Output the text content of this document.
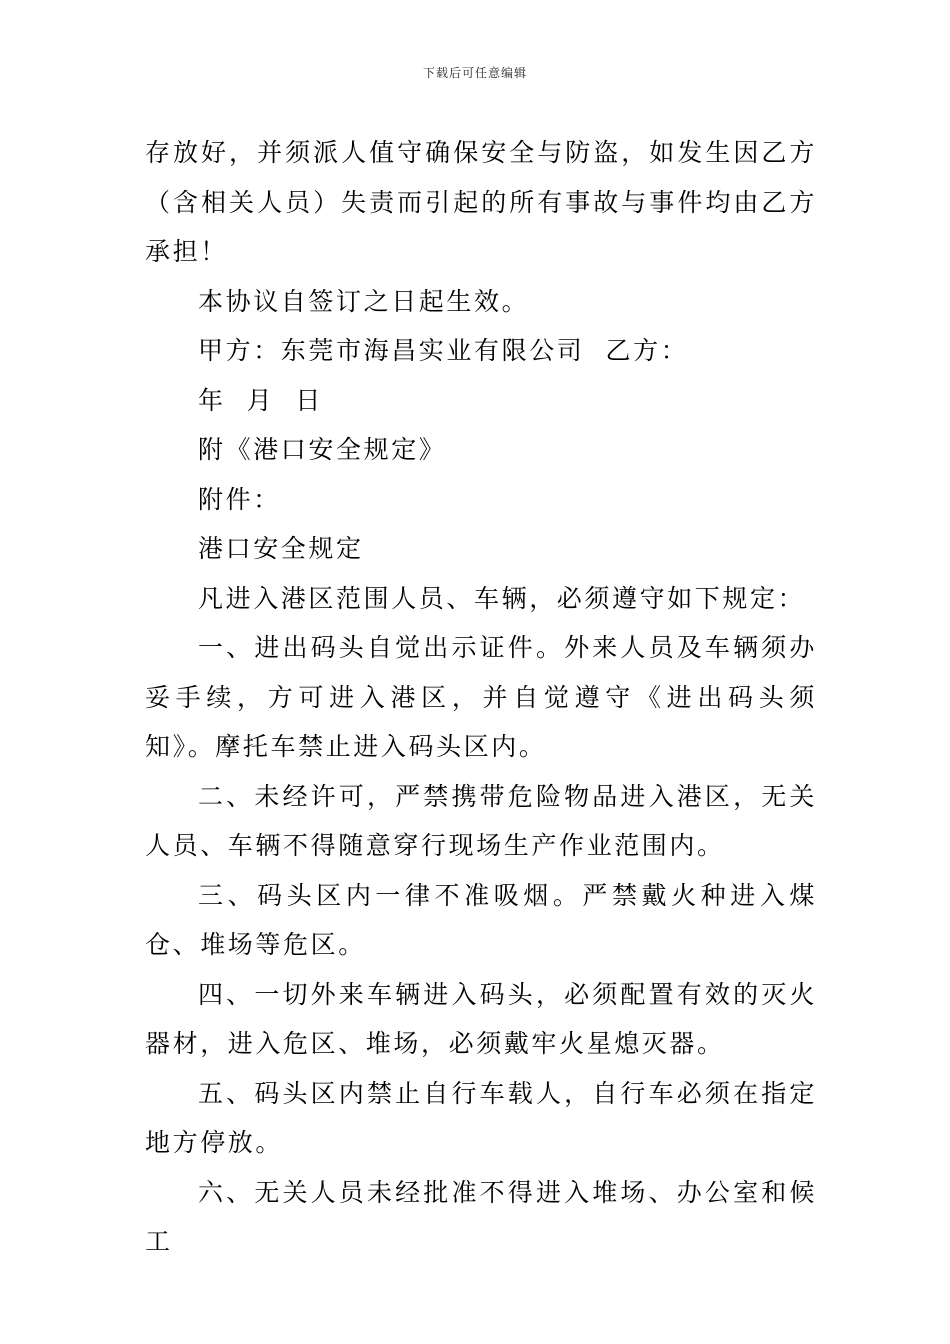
下载后可任意编辑

存放好，并须派人值守确保安全与防盗，如发生因乙方（含相关人员）失责而引起的所有事故与事件均由乙方承担！

本协议自签订之日起生效。

甲方：东莞市海昌实业有限公司  乙方：

年  月  日

附《港口安全规定》

附件：

港口安全规定

凡进入港区范围人员、车辆，必须遵守如下规定：

一、进出码头自觉出示证件。外来人员及车辆须办妥手续，方可进入港区，并自觉遵守《进出码头须知》。摩托车禁止进入码头区内。

二、未经许可，严禁携带危险物品进入港区，无关人员、车辆不得随意穿行现场生产作业范围内。

三、码头区内一律不准吸烟。严禁戴火种进入煤仓、堆场等危区。

四、一切外来车辆进入码头，必须配置有效的灭火器材，进入危区、堆场，必须戴牢火星熄灭器。

五、码头区内禁止自行车载人，自行车必须在指定地方停放。

六、无关人员未经批准不得进入堆场、办公室和候工
